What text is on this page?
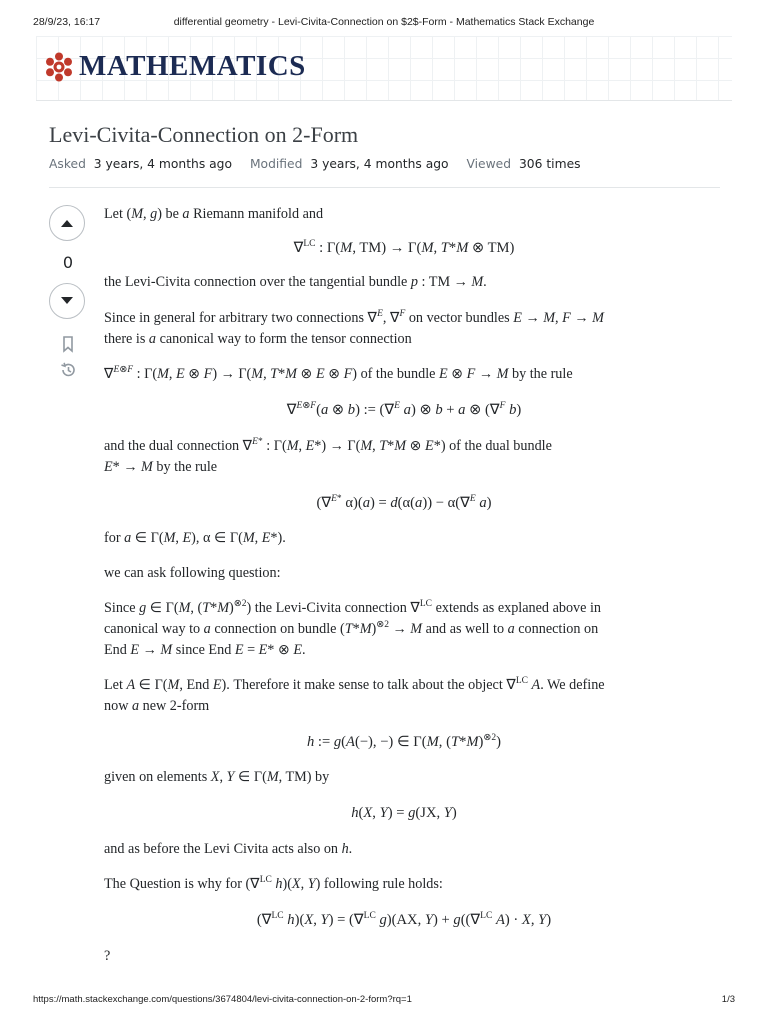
28/9/23, 16:17	differential geometry - Levi-Civita-Connection on $2$-Form - Mathematics Stack Exchange
MATHEMATICS
Levi-Civita-Connection on 2-Form
Asked 3 years, 4 months ago Modified 3 years, 4 months ago Viewed 306 times
0

Let (M, g) be a Riemann manifold and

∇$^{LC}$ : Γ(M, TM) → Γ(M, T*M ⊗ TM)

the Levi-Civita connection over the tangential bundle p : TM → M.

Since in general for arbitrary two connections ∇$^E$, ∇$^F$ on vector bundles E → M, F → M

there is a canonical way to form the tensor connection

∇$^{E\otimes F}$ : Γ(M, E ⊗ F) → Γ(M, T*M ⊗ E ⊗ F) of the bundle E ⊗ F → M by the rule

∇$^{E\otimes F}$(a ⊗ b) := (∇$^E$ a) ⊗ b + a ⊗ (∇$^F$ b)

and the dual connection ∇$^{E*}$ : Γ(M, E*) → Γ(M, T*M ⊗ E*) of the dual bundle

E* → M by the rule

(∇$^{E*}$ α)(a) = d(α(a)) − α(∇$^E$ a)

for a ∈ Γ(M, E), α ∈ Γ(M, E*).

we can ask following question:

Since g ∈ Γ(M, $(T*M)^{\otimes 2}$) the Levi-Civita connection ∇$^{LC}$ extends as explaned above in

canonical way to a connection on bundle $(T*M)^{\otimes 2} \to M$ and as well to a connection on

End E → M since End E = E* ⊗ E.

Let A ∈ Γ(M, End E). Therefore it make sense to talk about the object ∇$^{LC}$ A. We define

now a new 2-form

h := g(A(−), −) ∈ Γ(M, $(T*M)^{\otimes 2}$)

given on elements X, Y ∈ Γ(M, TM) by

h(X, Y) = g(JX, Y)

and as before the Levi Civita acts also on h.

The Question is why for (∇$^{LC}$ h)(X, Y) following rule holds:

(∇$^{LC}$ h)(X, Y) = (∇$^{LC}$ g)(AX, Y) + g((∇$^{LC}$ A) · X, Y)

?

https://math.stackexchange.com/questions/3674804/levi-civita-connection-on-2-form?rq=1	1/3
